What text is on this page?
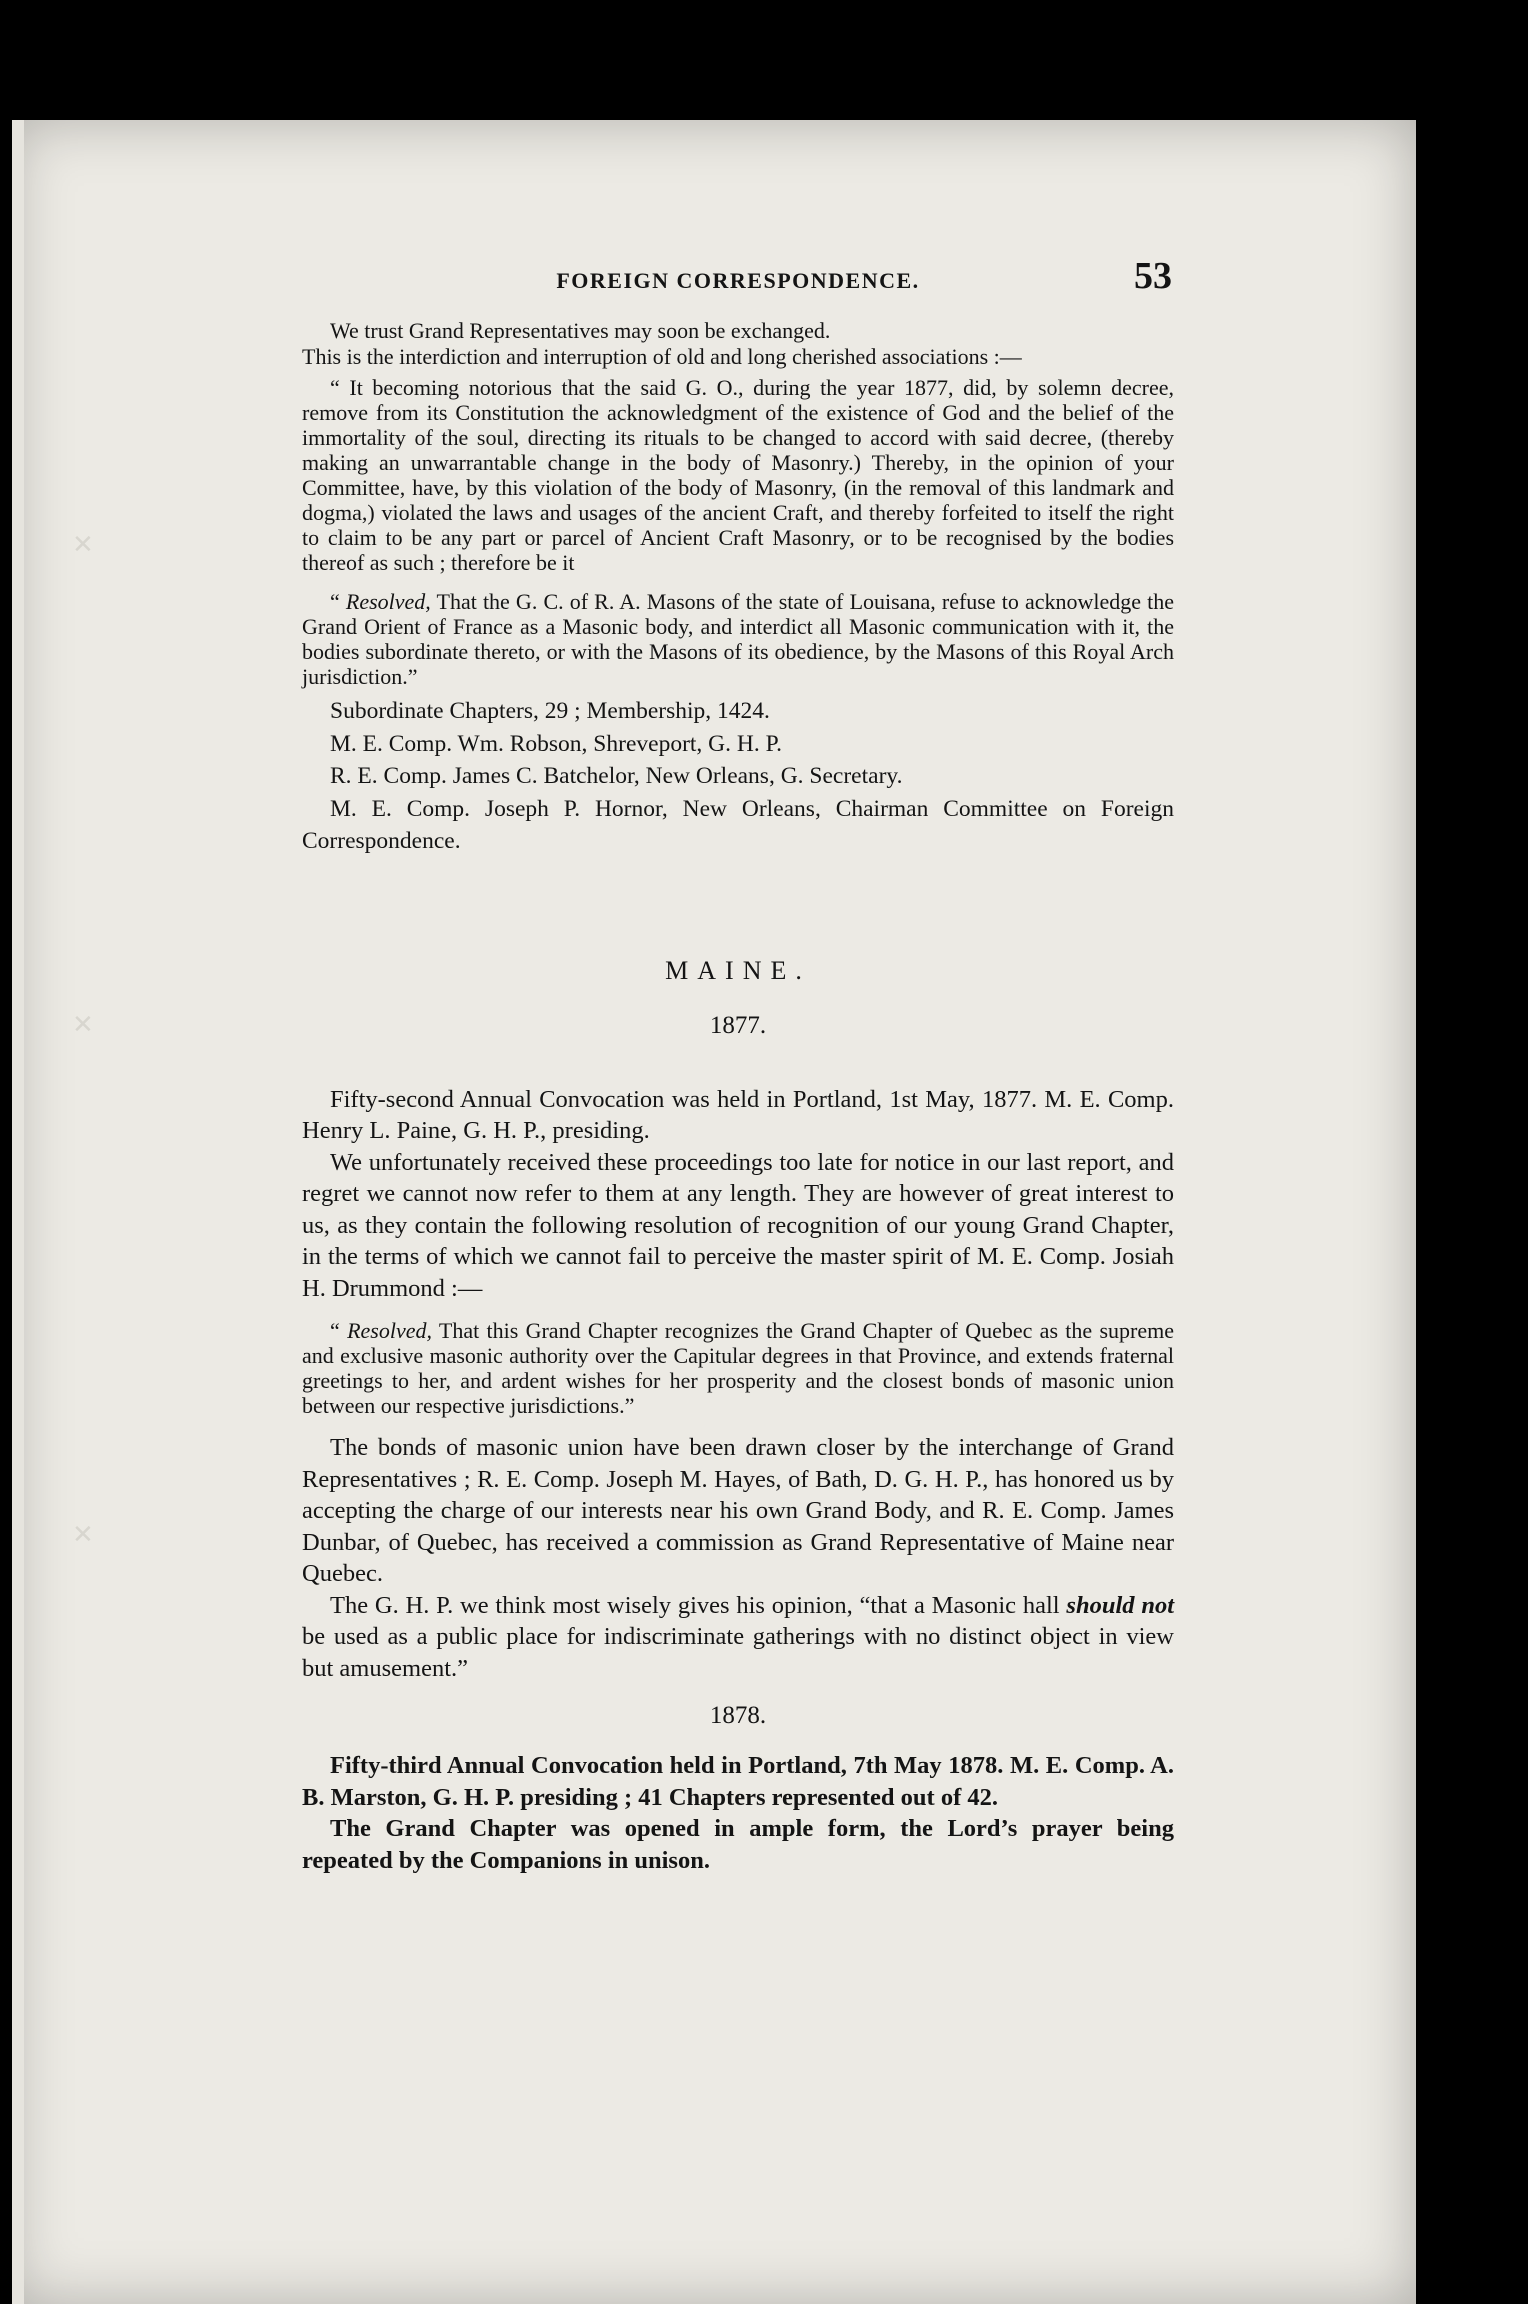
FOREIGN CORRESPONDENCE.	53

We trust Grand Representatives may soon be exchanged.

This is the interdiction and interruption of old and long cherished associations :—

“ It becoming notorious that the said G. O., during the year 1877, did, by solemn decree, remove from its Constitution the acknowledgment of the existence of God and the belief of the immortality of the soul, directing its rituals to be changed to accord with said decree, (thereby making an unwarrantable change in the body of Masonry.) Thereby, in the opinion of your Committee, have, by this violation of the body of Masonry, (in the removal of this landmark and dogma,) violated the laws and usages of the ancient Craft, and thereby forfeited to itself the right to claim to be any part or parcel of Ancient Craft Masonry, or to be recognised by the bodies thereof as such ; therefore be it

“ Resolved, That the G. C. of R. A. Masons of the state of Louisana, refuse to acknowledge the Grand Orient of France as a Masonic body, and interdict all Masonic communication with it, the bodies subordinate thereto, or with the Masons of its obedience, by the Masons of this Royal Arch jurisdiction.”

Subordinate Chapters, 29 ; Membership, 1424.

M. E. Comp. Wm. Robson, Shreveport, G. H. P.

R. E. Comp. James C. Batchelor, New Orleans, G. Secretary.

M. E. Comp. Joseph P. Hornor, New Orleans, Chairman Committee on Foreign Correspondence.

MAINE.

1877.

Fifty-second Annual Convocation was held in Portland, 1st May, 1877. M. E. Comp. Henry L. Paine, G. H. P., presiding.

We unfortunately received these proceedings too late for notice in our last report, and regret we cannot now refer to them at any length. They are however of great interest to us, as they contain the following resolution of recognition of our young Grand Chapter, in the terms of which we cannot fail to perceive the master spirit of M. E. Comp. Josiah H. Drummond :—

“ Resolved, That this Grand Chapter recognizes the Grand Chapter of Quebec as the supreme and exclusive masonic authority over the Capitular degrees in that Province, and extends fraternal greetings to her, and ardent wishes for her prosperity and the closest bonds of masonic union between our respective jurisdictions.”

The bonds of masonic union have been drawn closer by the interchange of Grand Representatives ; R. E. Comp. Joseph M. Hayes, of Bath, D. G. H. P., has honored us by accepting the charge of our interests near his own Grand Body, and R. E. Comp. James Dunbar, of Quebec, has received a commission as Grand Representative of Maine near Quebec.

The G. H. P. we think most wisely gives his opinion, “that a Masonic hall should not be used as a public place for indiscriminate gatherings with no distinct object in view but amusement.”

1878.

Fifty-third Annual Convocation held in Portland, 7th May 1878. M. E. Comp. A. B. Marston, G. H. P. presiding ; 41 Chapters represented out of 42.

The Grand Chapter was opened in ample form, the Lord’s prayer being repeated by the Companions in unison.

✕
✕
✕
